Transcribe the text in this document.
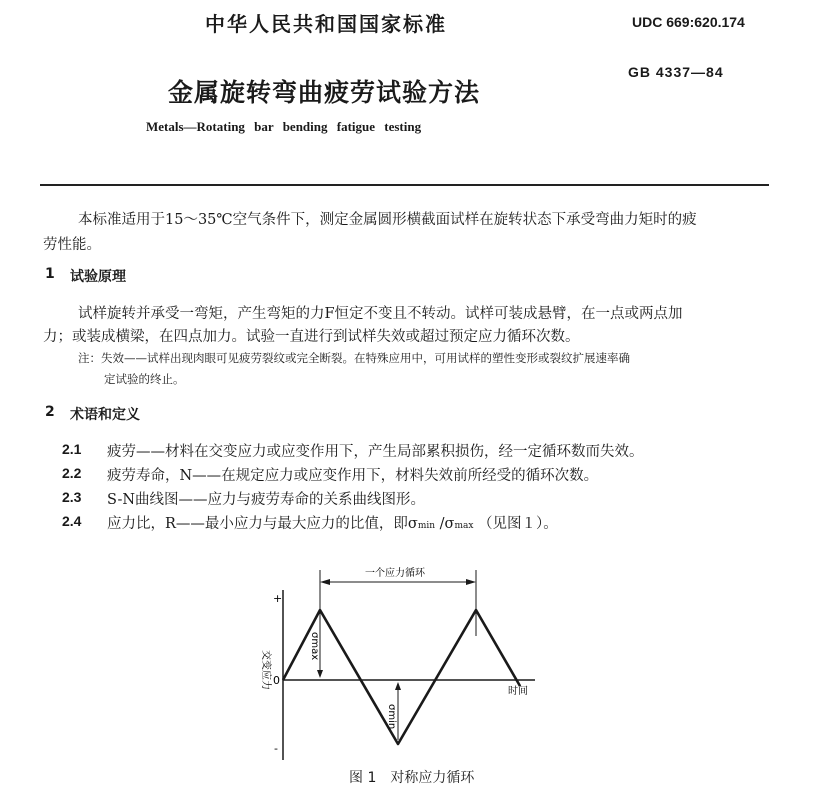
中华人民共和国国家标准	UDC 669:620.174
GB 4337—84
金属旋转弯曲疲劳试验方法
Metals—Rotating bar bending fatigue testing
本标准适用于15～35℃空气条件下，测定金属圆形横截面试样在旋转状态下承受弯曲力矩时的疲
劳性能。
1 试验原理
试样旋转并承受一弯矩，产生弯矩的力F恒定不变且不转动。试样可装成悬臂，在一点或两点加
力；或装成横梁，在四点加力。试验一直进行到试样失效或超过预定应力循环次数。
注：失效——试样出现肉眼可见疲劳裂纹或完全断裂。在特殊应用中，可用试样的塑性变形或裂纹扩展速率确
定试验的终止。
2 术语和定义
2.1 疲劳——材料在交变应力或应变作用下，产生局部累积损伤，经一定循环数而失效。
2.2 疲劳寿命，N——在规定应力或应变作用下，材料失效前所经受的循环次数。
2.3 S-N曲线图——应力与疲劳寿命的关系曲线图形。
2.4 应力比，R——最小应力与最大应力的比值，即σmin /σmax （见图１）。
一个应力循环
σmax
σmin
+
0
-
交变应力
时间
图 1 对称应力循环
